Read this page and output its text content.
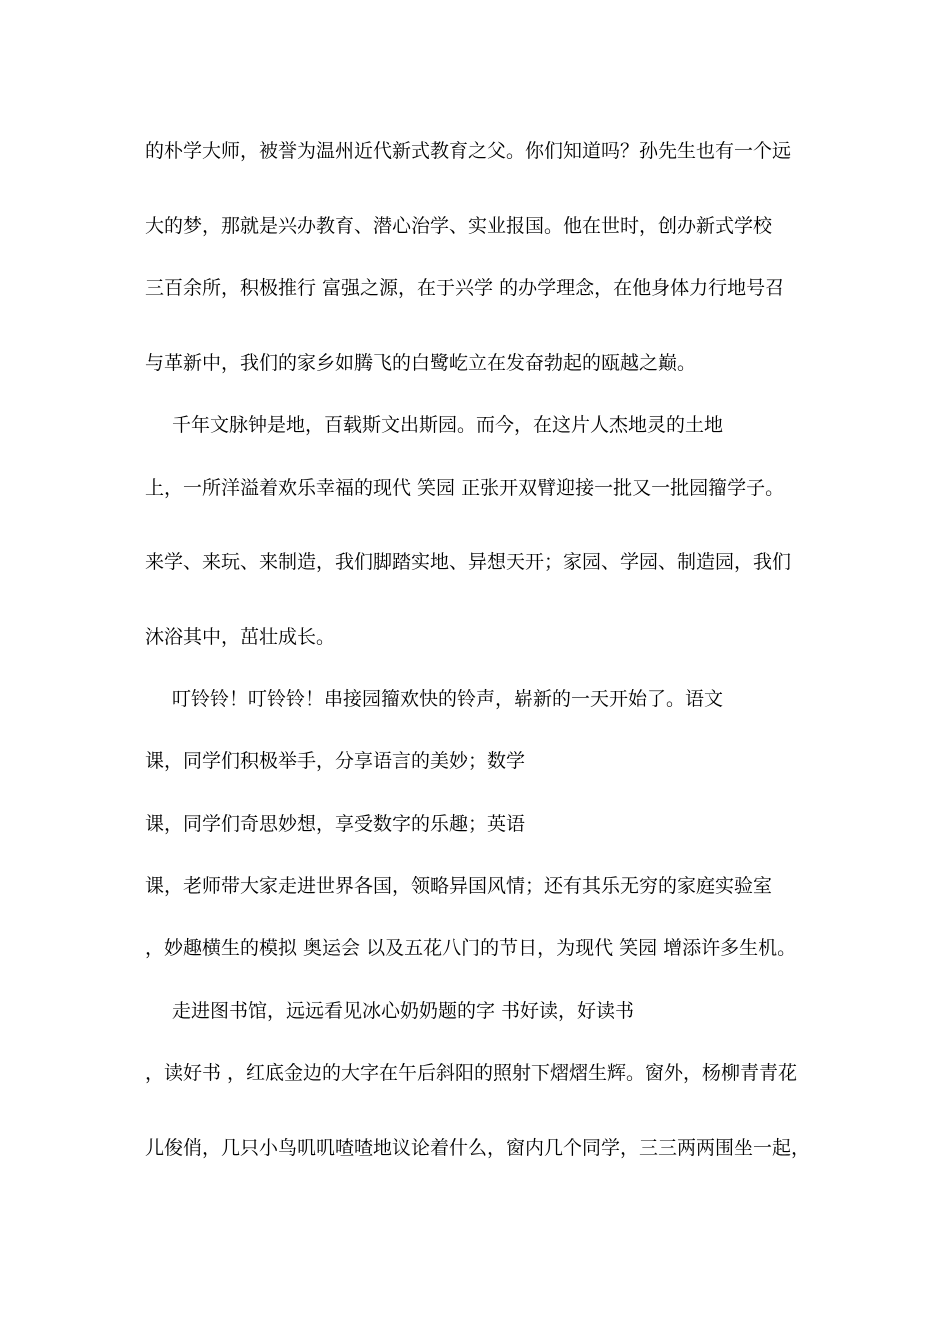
的朴学大师，被誉为温州近代新式教育之父。你们知道吗？孙先生也有一个远
大的梦，那就是兴办教育、潜心治学、实业报国。他在世时，创办新式学校
三百余所，积极推行 富强之源，在于兴学 的办学理念，在他身体力行地号召
与革新中，我们的家乡如腾飞的白鹭屹立在发奋勃起的瓯越之巅。
千年文脉钟是地，百载斯文出斯园。而今，在这片人杰地灵的土地
上，一所洋溢着欢乐幸福的现代 笑园 正张开双臂迎接一批又一批园籀学子。
来学、来玩、来制造，我们脚踏实地、异想天开；家园、学园、制造园，我们
沐浴其中，茁壮成长。
叮铃铃！叮铃铃！串接园籀欢快的铃声，崭新的一天开始了。语文
课，同学们积极举手，分享语言的美妙；数学
课，同学们奇思妙想，享受数字的乐趣；英语
课，老师带大家走进世界各国，领略异国风情；还有其乐无穷的家庭实验室
，妙趣横生的模拟 奥运会 以及五花八门的节日，为现代 笑园 增添许多生机。
走进图书馆，远远看见冰心奶奶题的字 书好读，好读书
，读好书 ，红底金边的大字在午后斜阳的照射下熠熠生辉。窗外，杨柳青青花
儿俊俏，几只小鸟叽叽喳喳地议论着什么，窗内几个同学，三三两两围坐一起，
